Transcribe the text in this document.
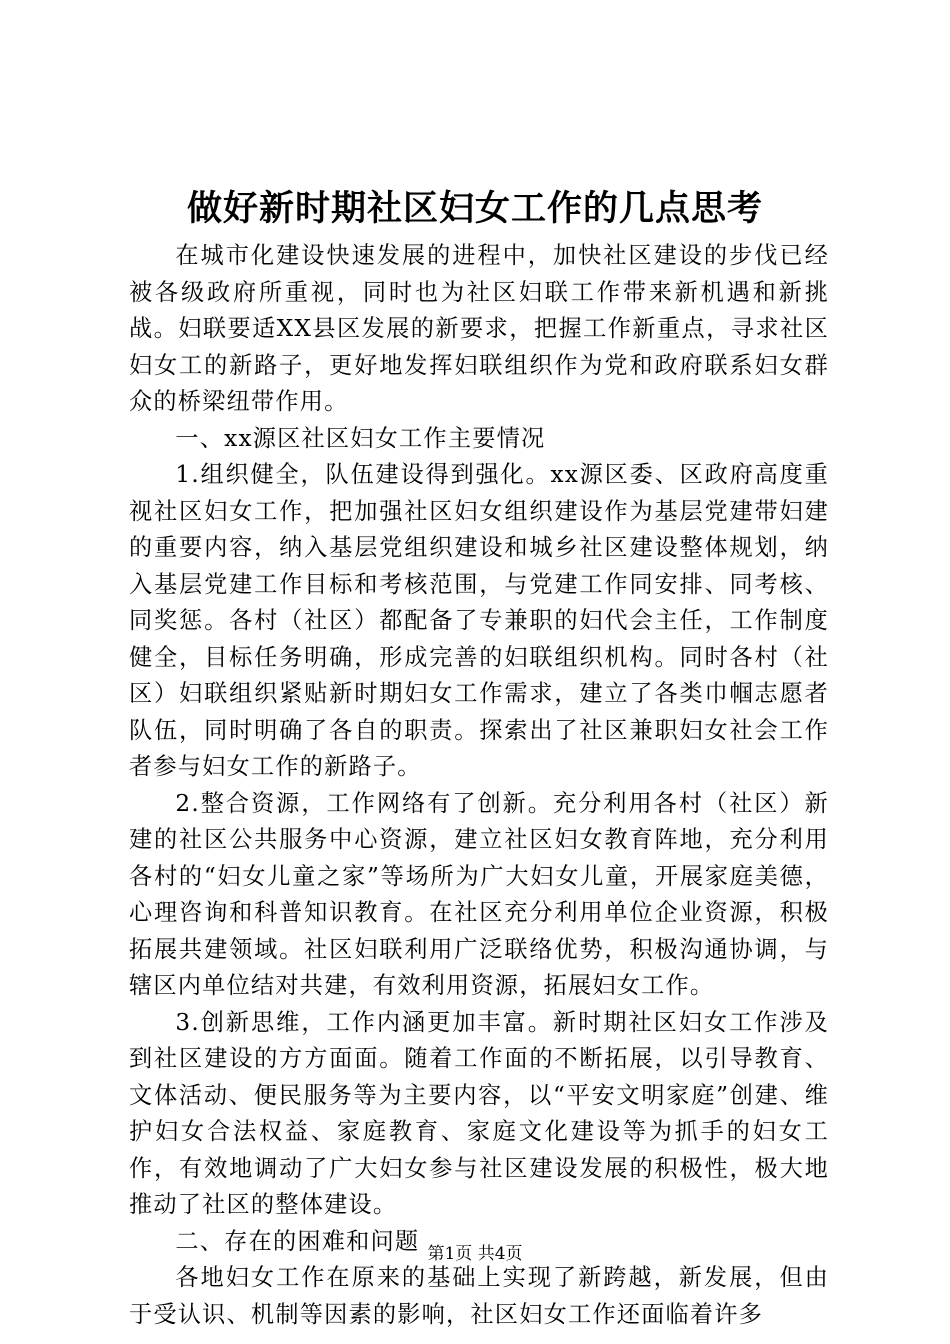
做好新时期社区妇女工作的几点思考

在城市化建设快速发展的进程中，加快社区建设的步伐已经被各级政府所重视，同时也为社区妇联工作带来新机遇和新挑战。妇联要适XX县区发展的新要求，把握工作新重点，寻求社区妇女工的新路子，更好地发挥妇联组织作为党和政府联系妇女群众的桥梁纽带作用。

一、xx源区社区妇女工作主要情况

1.组织健全，队伍建设得到强化。xx源区委、区政府高度重视社区妇女工作，把加强社区妇女组织建设作为基层党建带妇建的重要内容，纳入基层党组织建设和城乡社区建设整体规划，纳入基层党建工作目标和考核范围，与党建工作同安排、同考核、同奖惩。各村（社区）都配备了专兼职的妇代会主任，工作制度健全，目标任务明确，形成完善的妇联组织机构。同时各村（社区）妇联组织紧贴新时期妇女工作需求，建立了各类巾帼志愿者队伍，同时明确了各自的职责。探索出了社区兼职妇女社会工作者参与妇女工作的新路子。

2.整合资源，工作网络有了创新。充分利用各村（社区）新建的社区公共服务中心资源，建立社区妇女教育阵地，充分利用各村的“妇女儿童之家”等场所为广大妇女儿童，开展家庭美德，心理咨询和科普知识教育。在社区充分利用单位企业资源，积极拓展共建领域。社区妇联利用广泛联络优势，积极沟通协调，与辖区内单位结对共建，有效利用资源，拓展妇女工作。

3.创新思维，工作内涵更加丰富。新时期社区妇女工作涉及到社区建设的方方面面。随着工作面的不断拓展，以引导教育、文体活动、便民服务等为主要内容，以“平安文明家庭”创建、维护妇女合法权益、家庭教育、家庭文化建设等为抓手的妇女工作，有效地调动了广大妇女参与社区建设发展的积极性，极大地推动了社区的整体建设。

二、存在的困难和问题

各地妇女工作在原来的基础上实现了新跨越，新发展，但由于受认识、机制等因素的影响，社区妇女工作还面临着许多

第1页 共4页
